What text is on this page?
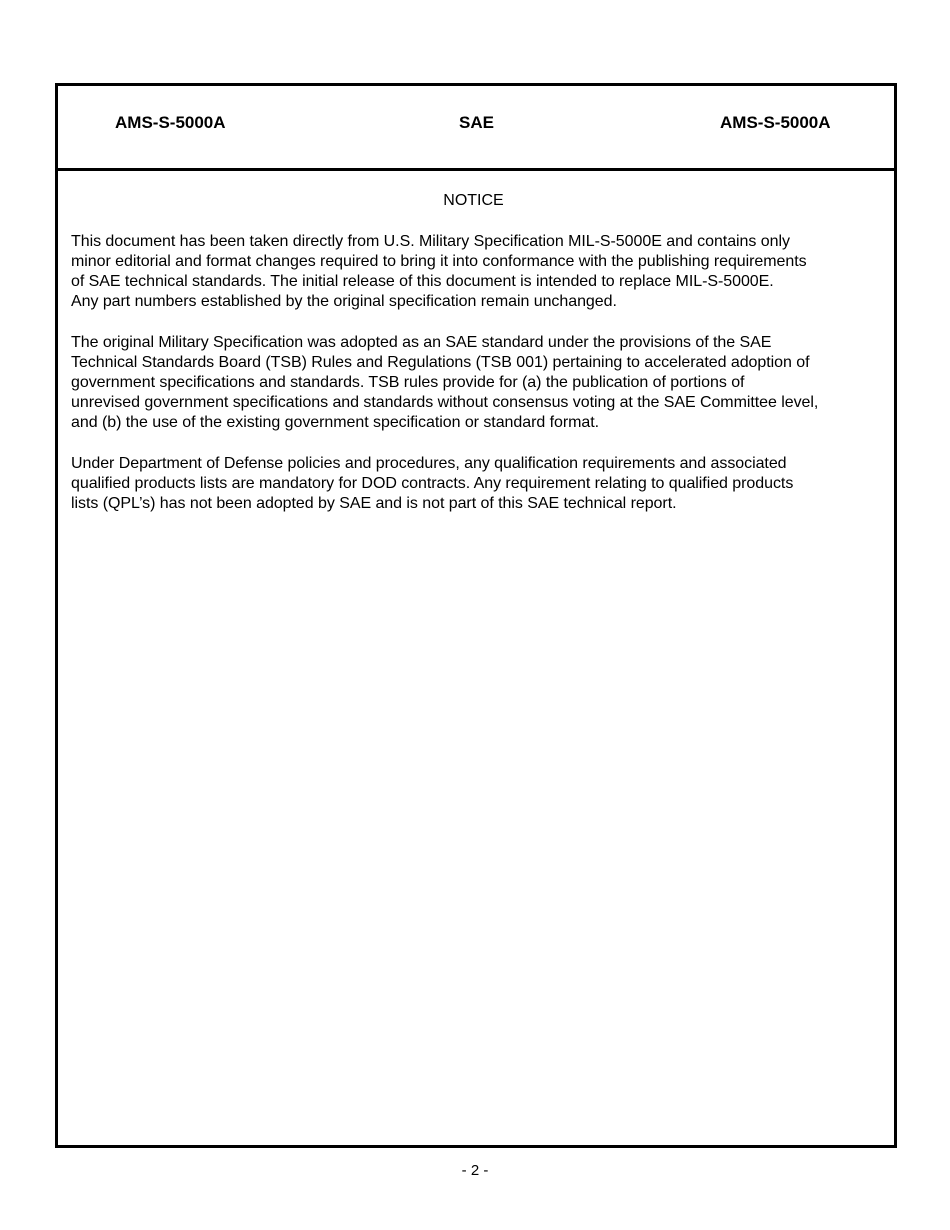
AMS-S-5000A	SAE	AMS-S-5000A
NOTICE

This document has been taken directly from U.S. Military Specification MIL-S-5000E and contains only
minor editorial and format changes required to bring it into conformance with the publishing requirements
of SAE technical standards. The initial release of this document is intended to replace MIL-S-5000E.
Any part numbers established by the original specification remain unchanged.

The original Military Specification was adopted as an SAE standard under the provisions of the SAE
Technical Standards Board (TSB) Rules and Regulations (TSB 001) pertaining to accelerated adoption of
government specifications and standards. TSB rules provide for (a) the publication of portions of
unrevised government specifications and standards without consensus voting at the SAE Committee level,
and (b) the use of the existing government specification or standard format.

Under Department of Defense policies and procedures, any qualification requirements and associated
qualified products lists are mandatory for DOD contracts. Any requirement relating to qualified products
lists (QPL’s) has not been adopted by SAE and is not part of this SAE technical report.

- 2 -
